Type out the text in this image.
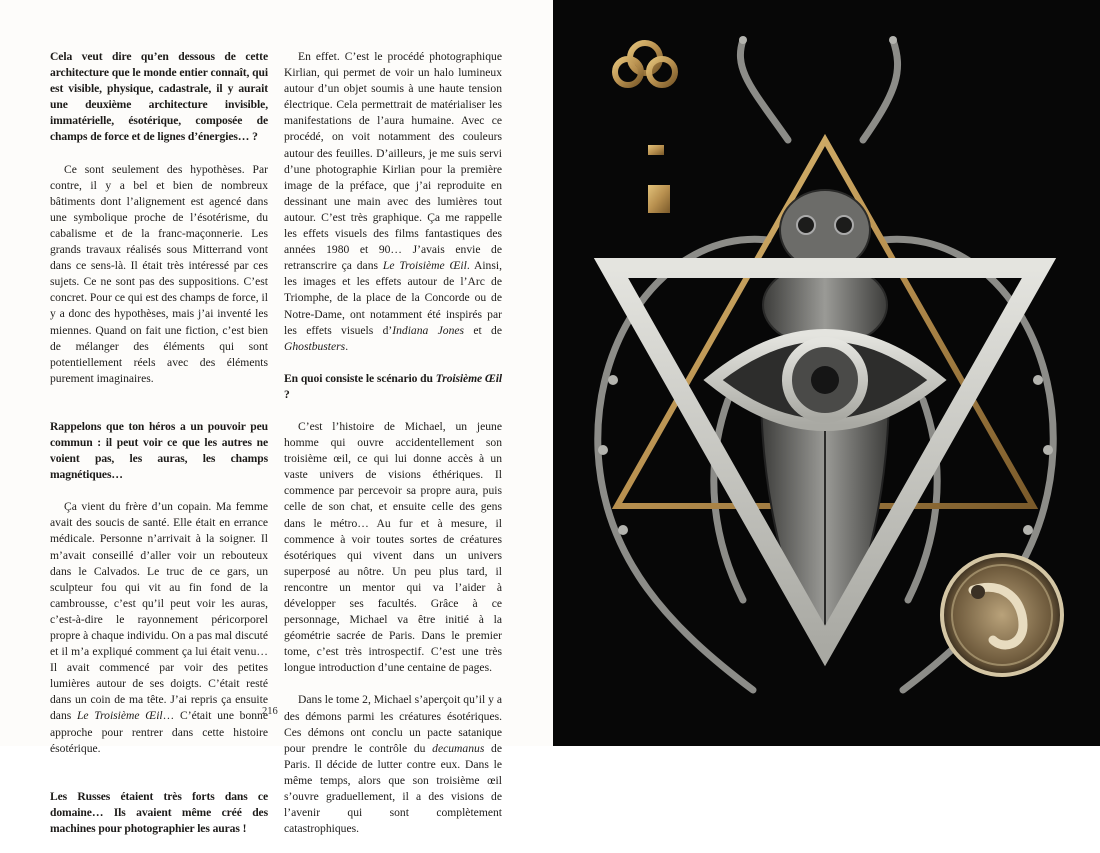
Cela veut dire qu’en dessous de cette architecture que le monde entier connaît, qui est visible, physique, cadastrale, il y aurait une deuxième architecture invisible, immatérielle, ésotérique, composée de champs de force et de lignes d’énergies… ?

Ce sont seulement des hypothèses. Par contre, il y a bel et bien de nombreux bâtiments dont l’alignement est agencé dans une symbolique proche de l’ésotérisme, du cabalisme et de la franc-maçonnerie. Les grands travaux réalisés sous Mitterrand vont dans ce sens-là. Il était très intéressé par ces sujets. Ce ne sont pas des suppositions. C’est concret. Pour ce qui est des champs de force, il y a donc des hypothèses, mais j’ai inventé les miennes. Quand on fait une fiction, c’est bien de mélanger des éléments qui sont potentiellement réels avec des éléments purement imaginaires.

Rappelons que ton héros a un pouvoir peu commun : il peut voir ce que les autres ne voient pas, les auras, les champs magnétiques…

Ça vient du frère d’un copain. Ma femme avait des soucis de santé. Elle était en errance médicale. Personne n’arrivait à la soigner. Il m’avait conseillé d’aller voir un rebouteux dans le Calvados. Le truc de ce gars, un sculpteur fou qui vit au fin fond de la cambrousse, c’est qu’il peut voir les auras, c’est-à-dire le rayonnement péricorporel propre à chaque individu. On a pas mal discuté et il m’a expliqué comment ça lui était venu… Il avait commencé par voir des petites lumières autour de ses doigts. C’était resté dans un coin de ma tête. J’ai repris ça ensuite dans Le Troisième Œil… C’était une bonne approche pour rentrer dans cette histoire ésotérique.

Les Russes étaient très forts dans ce domaine… Ils avaient même créé des machines pour photographier les auras !

En effet. C’est le procédé photographique Kirlian, qui permet de voir un halo lumineux autour d’un objet soumis à une haute tension électrique. Cela permettrait de matérialiser les manifestations de l’aura humaine. Avec ce procédé, on voit notamment des couleurs autour des feuilles. D’ailleurs, je me suis servi d’une photographie Kirlian pour la première image de la préface, que j’ai reproduite en dessinant une main avec des lumières tout autour. C’est très graphique. Ça me rappelle les effets visuels des films fantastiques des années 1980 et 90… J’avais envie de retranscrire ça dans Le Troisième Œil. Ainsi, les images et les effets autour de l’Arc de Triomphe, de la place de la Concorde ou de Notre-Dame, ont notamment été inspirés par les effets visuels d’Indiana Jones et de Ghostbusters.

En quoi consiste le scénario du Troisième Œil ?

C’est l’histoire de Michael, un jeune homme qui ouvre accidentellement son troisième œil, ce qui lui donne accès à un vaste univers de visions éthériques. Il commence par percevoir sa propre aura, puis celle de son chat, et ensuite celle des gens dans le métro… Au fur et à mesure, il commence à voir toutes sortes de créatures ésotériques qui vivent dans un univers superposé au nôtre. Un peu plus tard, il rencontre un mentor qui va l’aider à développer ses facultés. Grâce à ce personnage, Michael va être initié à la géométrie sacrée de Paris. Dans le premier tome, c’est très introspectif. C’est une très longue introduction d’une centaine de pages.

Dans le tome 2, Michael s’aperçoit qu’il y a des démons parmi les créatures ésotériques. Ces démons ont conclu un pacte satanique pour prendre le contrôle du decumanus de Paris. Il décide de lutter contre eux. Dans le même temps, alors que son troisième œil s’ouvre graduellement, il a des visions de l’avenir qui sont complètement catastrophiques.

216
